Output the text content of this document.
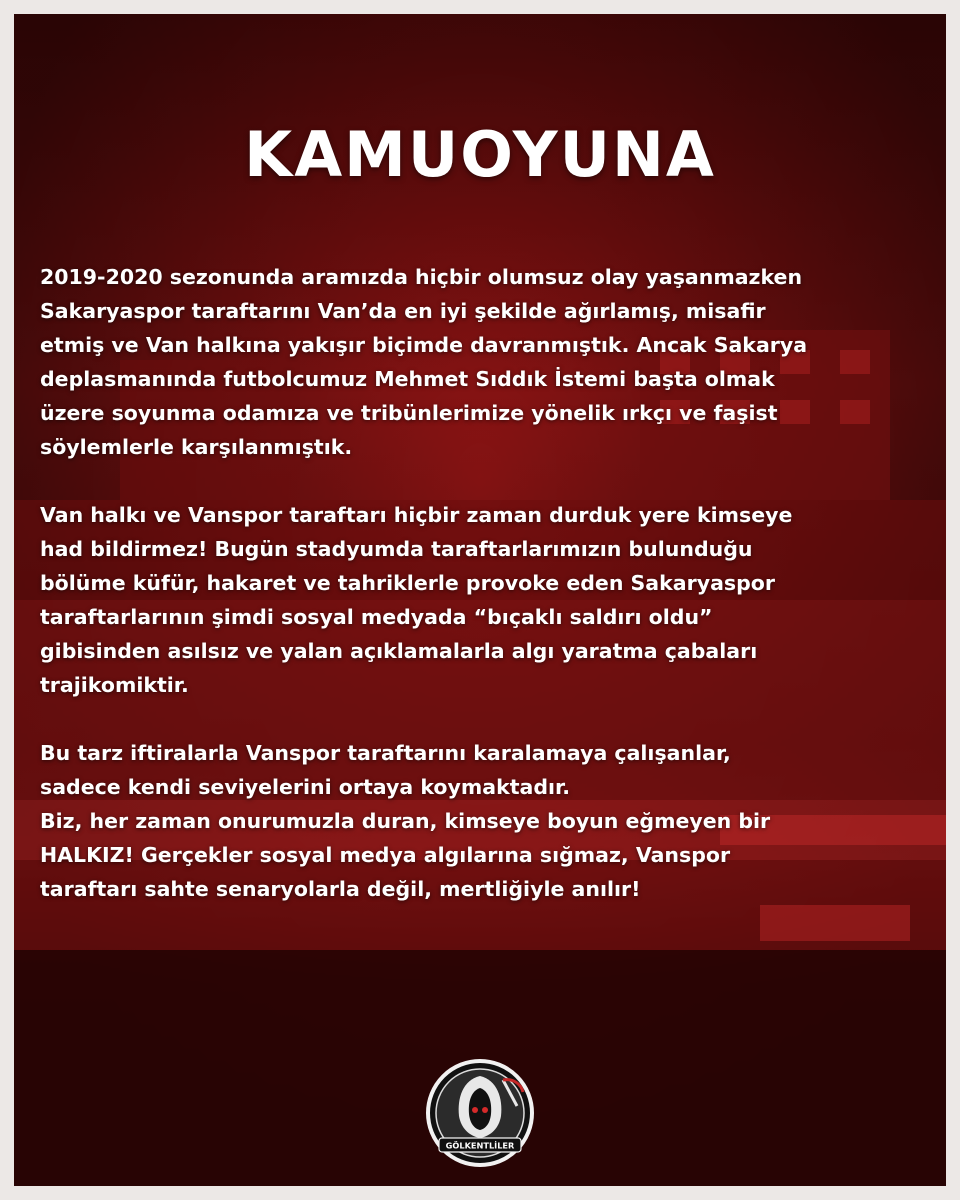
KAMUOYUNA

2019-2020 sezonunda aramızda hiçbir olumsuz olay yaşanmazken
Sakaryaspor taraftarını Van’da en iyi şekilde ağırlamış, misafir
etmiş ve Van halkına yakışır biçimde davranmıştık. Ancak Sakarya
deplasmanında futbolcumuz Mehmet Sıddık İstemi başta olmak
üzere soyunma odamıza ve tribünlerimize yönelik ırkçı ve faşist
söylemlerle karşılanmıştık.

Van halkı ve Vanspor taraftarı hiçbir zaman durduk yere kimseye
had bildirmez! Bugün stadyumda taraftarlarımızın bulunduğu
bölüme küfür, hakaret ve tahriklerle provoke eden Sakaryaspor
taraftarlarının şimdi sosyal medyada “bıçaklı saldırı oldu”
gibisinden asılsız ve yalan açıklamalarla algı yaratma çabaları
trajikomiktir.

Bu tarz iftiralarla Vanspor taraftarını karalamaya çalışanlar,
sadece kendi seviyelerini ortaya koymaktadır.
Biz, her zaman onurumuzla duran, kimseye boyun eğmeyen bir
HALKIZ! Gerçekler sosyal medya algılarına sığmaz, Vanspor
taraftarı sahte senaryolarla değil, mertliğiyle anılır!

GÖLKENTLİLER
